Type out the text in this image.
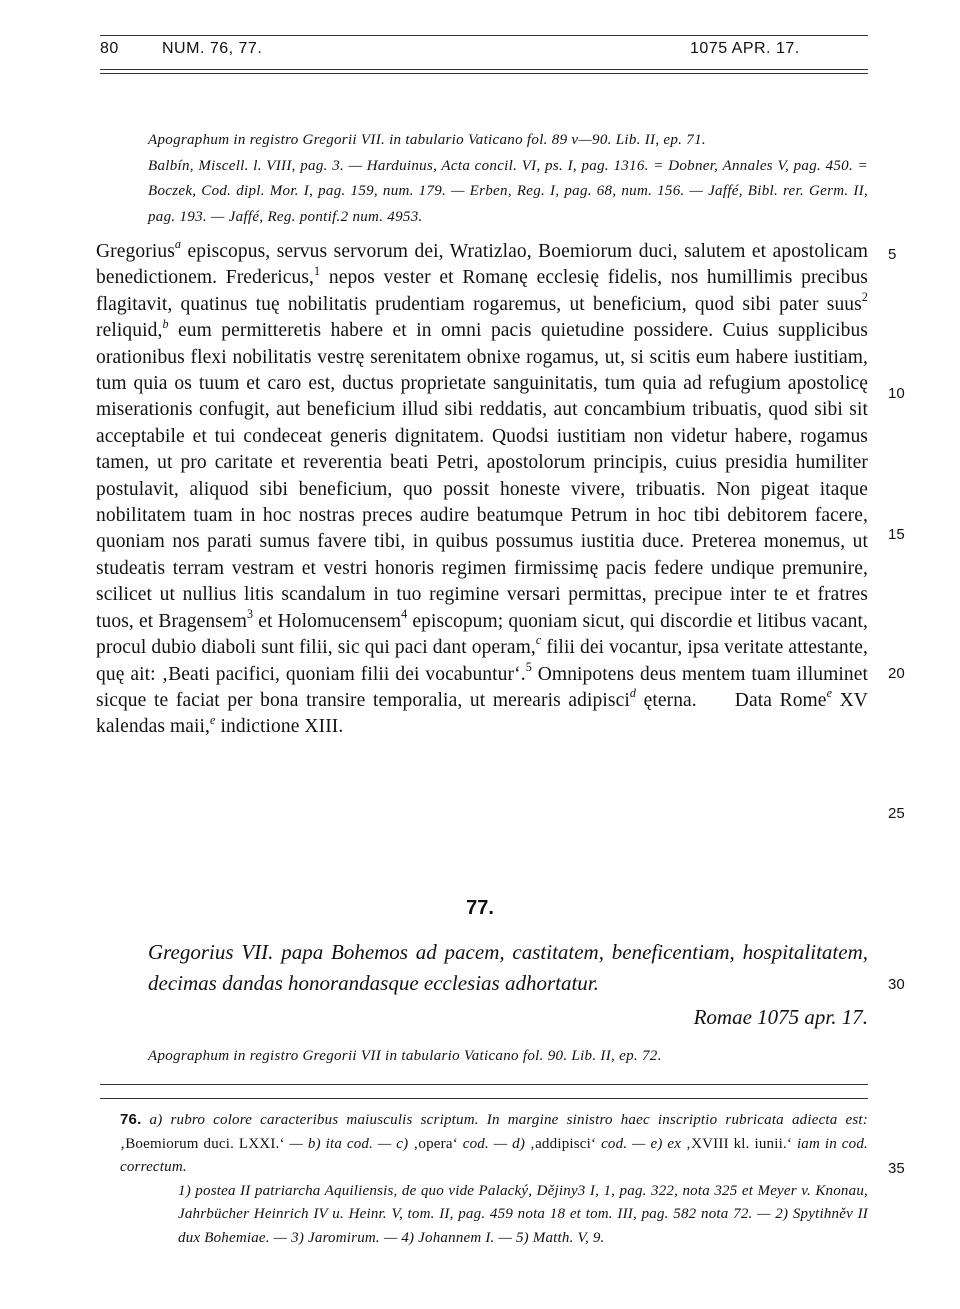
80	NUM. 76, 77.	1075 APR. 17.

Apographum in registro Gregorii VII. in tabulario Vaticano fol. 89 v—90. Lib. II, ep. 71.

Balbín, Miscell. l. VIII, pag. 3. — Harduinus, Acta concil. VI, ps. I, pag. 1316. = Dobner, Annales V, pag. 450. = Boczek, Cod. dipl. Mor. I, pag. 159, num. 179. — Erben, Reg. I, pag. 68, num. 156. — Jaffé, Bibl. rer. Germ. II, pag. 193. — Jaffé, Reg. pontif.2 num. 4953.

Gregorius$^a$ episcopus, servus servorum dei, Wratizlao, Boemiorum duci, salutem et apostolicam benedictionem. Fredericus,$^1$ nepos vester et Romanę ecclesię fidelis, nos humillimis precibus flagitavit, quatinus tuę nobilitatis prudentiam rogaremus, ut beneficium, quod sibi pater suus$^2$ reliquid,$^b$ eum permitteretis habere et in omni pacis quietudine possidere. Cuius supplicibus orationibus flexi nobilitatis vestrę serenitatem obnixe rogamus, ut, si scitis eum habere iustitiam, tum quia os tuum et caro est, ductus proprietate sanguinitatis, tum quia ad refugium apostolicę miserationis confugit, aut beneficium illud sibi reddatis, aut concambium tribuatis, quod sibi sit acceptabile et tui condeceat generis dignitatem. Quodsi iustitiam non videtur habere, rogamus tamen, ut pro caritate et reverentia beati Petri, apostolorum principis, cuius presidia humiliter postulavit, aliquod sibi beneficium, quo possit honeste vivere, tribuatis. Non pigeat itaque nobilitatem tuam in hoc nostras preces audire beatumque Petrum in hoc tibi debitorem facere, quoniam nos parati sumus favere tibi, in quibus possumus iustitia duce. Preterea monemus, ut studeatis terram vestram et vestri honoris regimen firmissimę pacis federe undique premunire, scilicet ut nullius litis scandalum in tuo regimine versari permittas, precipue inter te et fratres tuos, et Bragensem$^3$ et Holomucensem$^4$ episcopum; quoniam sicut, qui discordie et litibus vacant, procul dubio diaboli sunt filii, sic qui paci dant operam,$^c$ filii dei vocantur, ipsa veritate attestante, quę ait: ‚Beati pacifici, quoniam filii dei vocabuntur‘.$^5$ Omnipotens deus mentem tuam illuminet sicque te faciat per bona transire temporalia, ut merearis adipisci$^d$ ęterna.     Data Rome$^e$ XV kalendas maii,$^e$ indictione XIII.

5
10
15
20
25
30
35
77.

Gregorius VII. papa Bohemos ad pacem, castitatem, beneficentiam, hospitalitatem, decimas dandas honorandasque ecclesias adhortatur.

Romae 1075 apr. 17.
Apographum in registro Gregorii VII in tabulario Vaticano fol. 90. Lib. II, ep. 72.

76. a) rubro colore caracteribus maiusculis scriptum. In margine sinistro haec inscriptio rubricata adiecta est: ‚Boemiorum duci. LXXI.‘ — b) ita cod. — c) ‚opera‘ cod. — d) ‚addipisci‘ cod. — e) ex ‚XVIII kl. iunii.‘ iam in cod. correctum.

1) postea II patriarcha Aquiliensis, de quo vide Palacký, Dějiny3 I, 1, pag. 322, nota 325 et Meyer v. Knonau, Jahrbücher Heinrich IV u. Heinr. V, tom. II, pag. 459 nota 18 et tom. III, pag. 582 nota 72. — 2) Spytihněv II dux Bohemiae. — 3) Jaromirum. — 4) Johannem I. — 5) Matth. V, 9.
